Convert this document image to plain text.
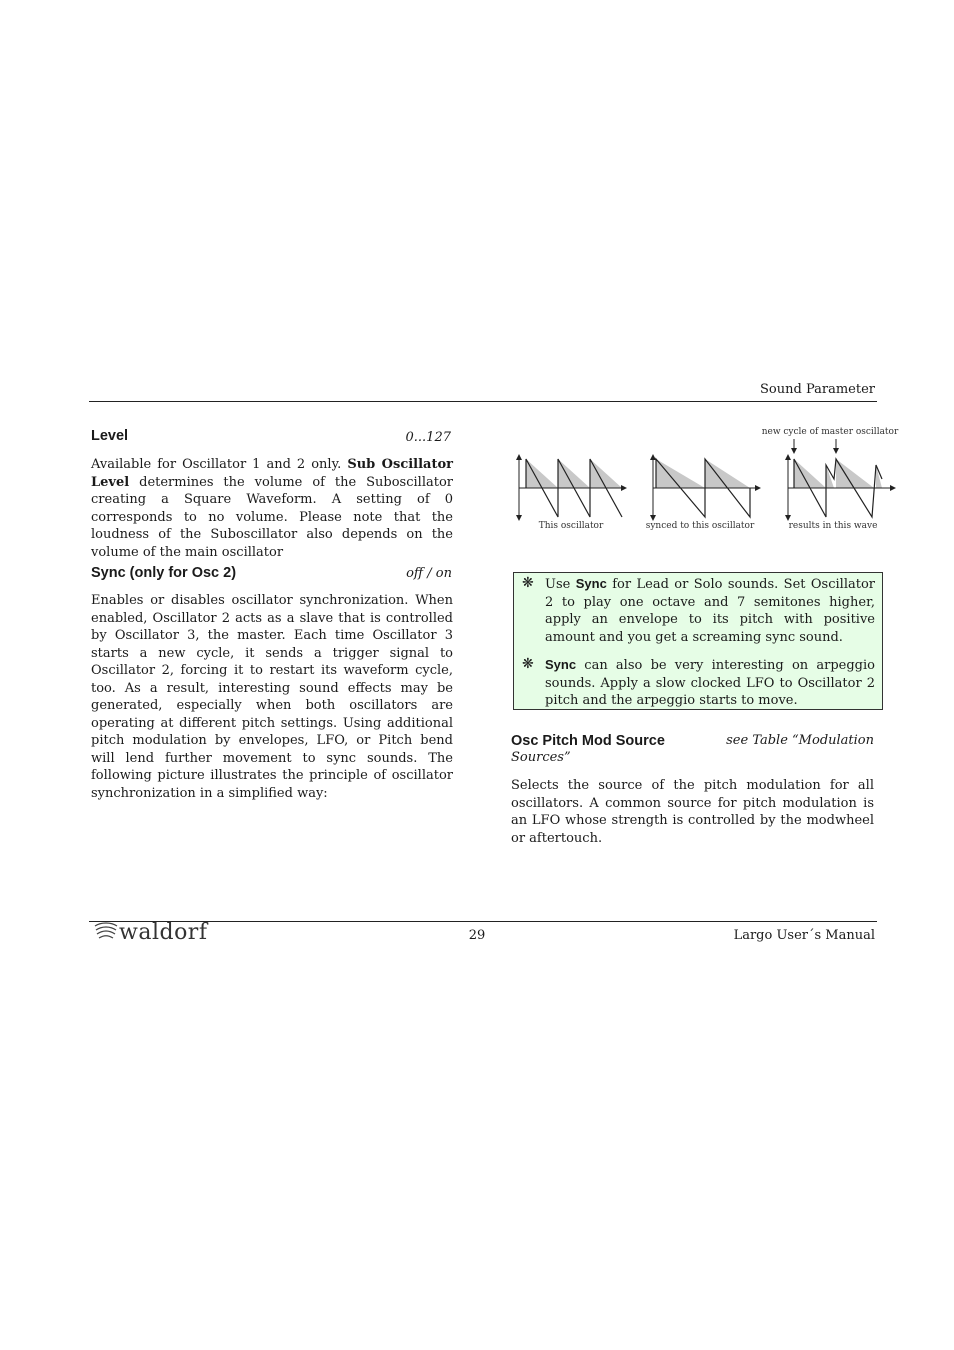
Sound Parameter
Level	0...127
Available for Oscillator 1 and 2 only. Sub Oscillator Level determines the volume of the Suboscillator creating a Square Waveform. A setting of 0 corresponds to no volume. Please note that the loudness of the Suboscillator also depends on the volume of the main oscillator
Sync (only for Osc 2)	off / on
Enables or disables oscillator synchronization. When enabled, Oscillator 2 acts as a slave that is controlled by Oscillator 3, the master. Each time Oscillator 3 starts a new cycle, it sends a trigger signal to Oscillator 2, forcing it to restart its waveform cycle, too. As a result, interesting sound effects may be generated, especially when both oscillators are operating at different pitch settings. Using additional pitch modulation by envelopes, LFO, or Pitch bend will lend further movement to sync sounds. The following picture illustrates the principle of oscillator synchronization in a simplified way:
new cycle of master oscillator
This oscillator	synced to this oscillator	results in this wave
❋ Use Sync for Lead or Solo sounds. Set Oscillator 2 to play one octave and 7 semitones higher, apply an envelope to its pitch with positive amount and you get a screaming sync sound.
❋ Sync can also be very interesting on arpeggio sounds. Apply a slow clocked LFO to Oscillator 2 pitch and the arpeggio starts to move.
Osc Pitch Mod Source	see Table “Modulation
Sources”
Selects the source of the pitch modulation for all oscillators. A common source for pitch modulation is an LFO whose strength is controlled by the modwheel or aftertouch.
waldorf	29	Largo User´s Manual
